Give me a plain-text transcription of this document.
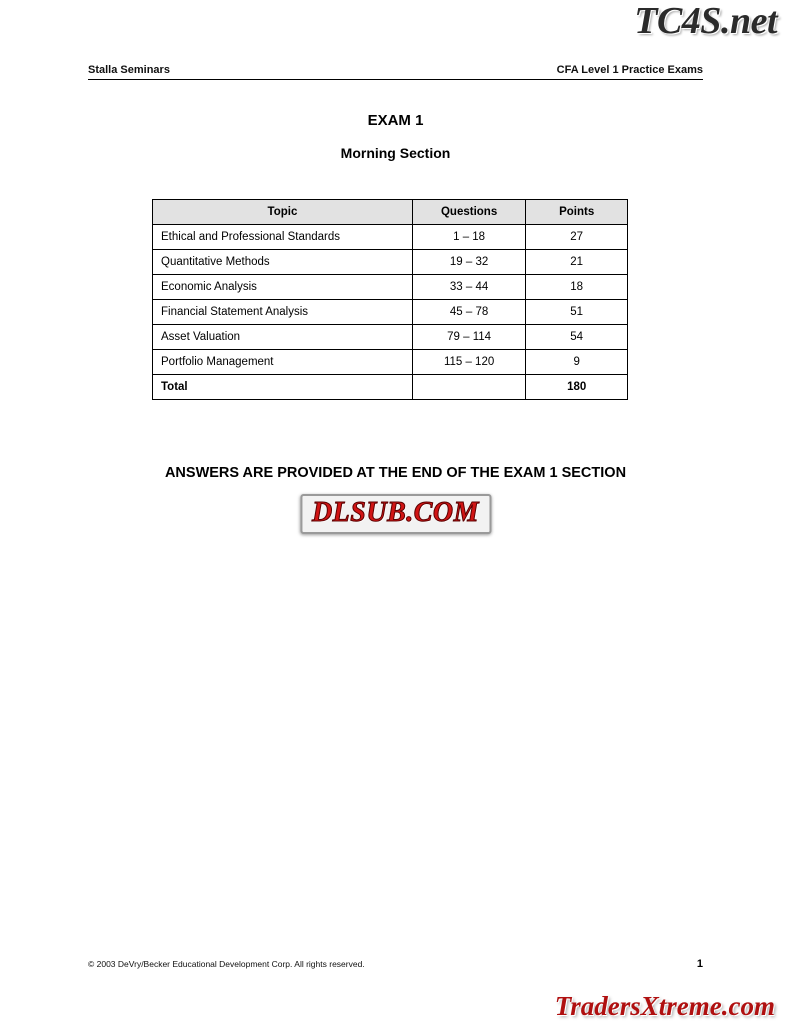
TC4S.net
Stalla Seminars	CFA Level 1 Practice Exams
EXAM 1
Morning Section
Topic	Questions	Points
Ethical and Professional Standards	1 – 18	27
Quantitative Methods	19 – 32	21
Economic Analysis	33 – 44	18
Financial Statement Analysis	45 – 78	51
Asset Valuation	79 – 114	54
Portfolio Management	115 – 120	9
Total		180
ANSWERS ARE PROVIDED AT THE END OF THE EXAM 1 SECTION
DLSUB.COM
© 2003 DeVry/Becker Educational Development Corp. All rights reserved.	1
TradersXtreme.com
